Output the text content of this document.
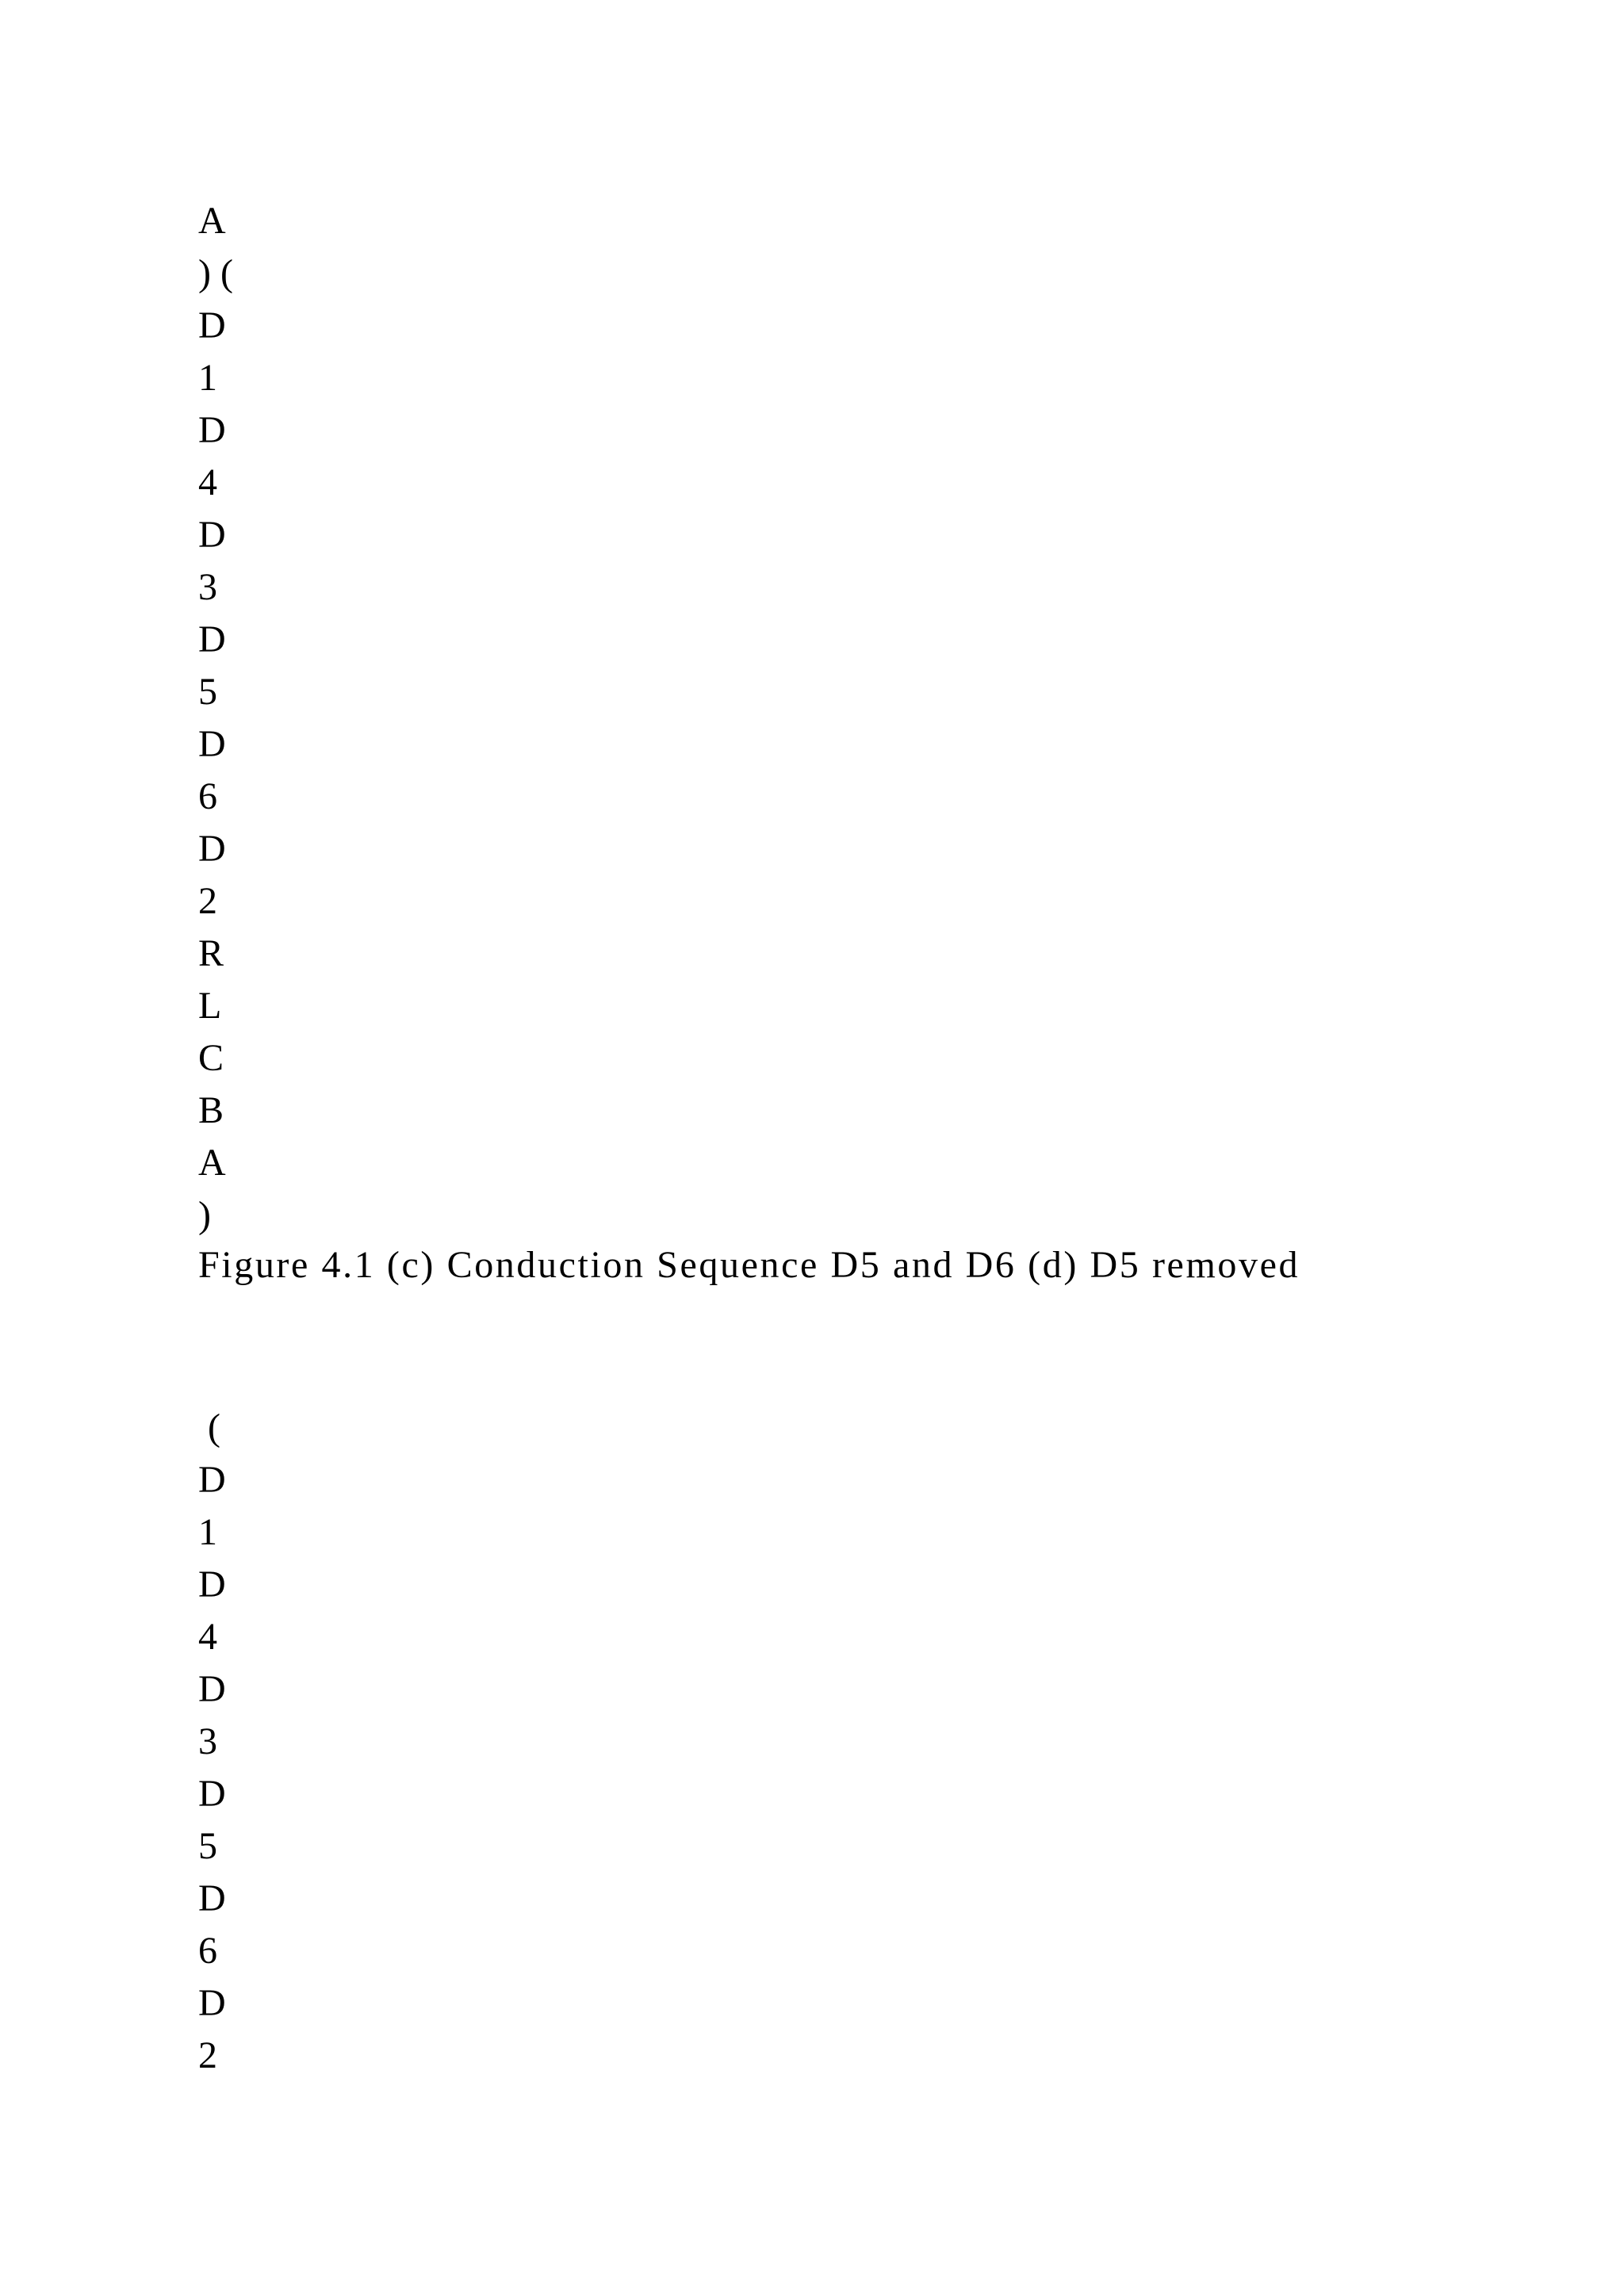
A
) (
D
1
D
4
D
3
D
5
D
6
D
2
R
L
C
B
A
)

Figure 4.1 (c) Conduction Sequence D5 and D6 (d) D5 removed

(
D
1
D
4
D
3
D
5
D
6
D
2
